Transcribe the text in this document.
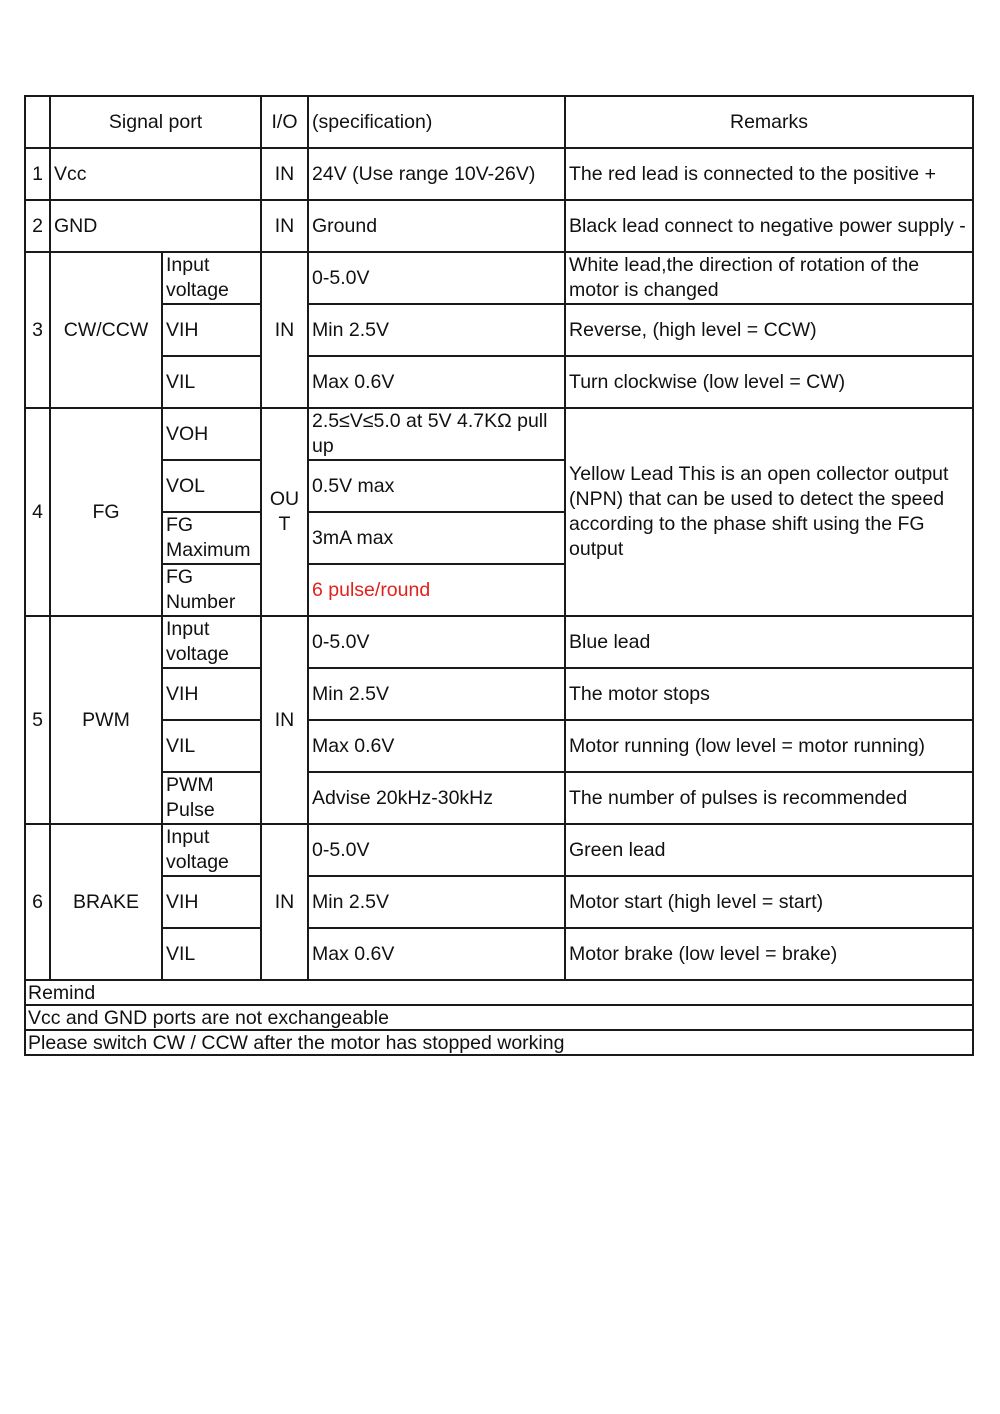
	Signal port		I/O	(specification)	Remarks
1	Vcc		IN	24V (Use range 10V-26V)	The red lead is connected to the positive +
2	GND		IN	Ground	Black lead connect to negative power supply -
3	CW/CCW	Input voltage	IN	0-5.0V	White lead,the direction of rotation of the motor is changed
		VIH		Min 2.5V	Reverse, (high level = CCW)
		VIL		Max 0.6V	Turn clockwise (low level = CW)
4	FG	VOH	OU T	2.5≤V≤5.0 at 5V 4.7KΩ pull up	Yellow Lead This is an open collector output (NPN) that can be used to detect the speed according to the phase shift using the FG output
		VOL		0.5V max	
		FG Maximum		3mA max	
		FG Number		6 pulse/round	
5	PWM	Input voltage	IN	0-5.0V	Blue lead
		VIH		Min 2.5V	The motor stops
		VIL		Max 0.6V	Motor running (low level = motor running)
		PWM Pulse		Advise 20kHz-30kHz	The number of pulses is recommended
6	BRAKE	Input voltage	IN	0-5.0V	Green lead
		VIH		Min 2.5V	Motor start (high level = start)
		VIL		Max 0.6V	Motor brake (low level = brake)
Remind					
Vcc and GND ports are not exchangeable					
Please switch CW / CCW after the motor has stopped working					
